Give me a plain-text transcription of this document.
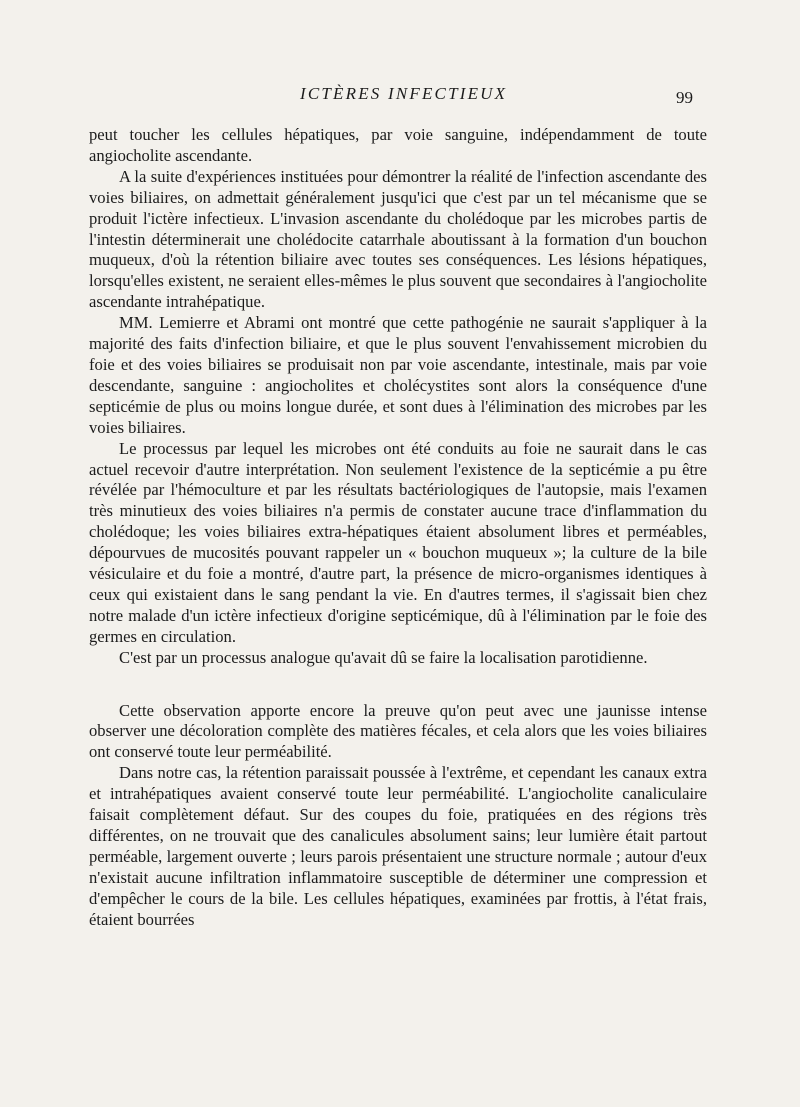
ICTÈRES INFECTIEUX	99

peut toucher les cellules hépatiques, par voie sanguine, indépendamment de toute angiocholite ascendante.

A la suite d'expériences instituées pour démontrer la réalité de l'infection ascendante des voies biliaires, on admettait généralement jusqu'ici que c'est par un tel mécanisme que se produit l'ictère infectieux. L'invasion ascendante du cholédoque par les microbes partis de l'intestin déterminerait une cholédocite catarrhale aboutissant à la formation d'un bouchon muqueux, d'où la rétention biliaire avec toutes ses conséquences. Les lésions hépatiques, lorsqu'elles existent, ne seraient elles-mêmes le plus souvent que secondaires à l'angiocholite ascendante intrahépatique.

MM. Lemierre et Abrami ont montré que cette pathogénie ne saurait s'appliquer à la majorité des faits d'infection biliaire, et que le plus souvent l'envahissement microbien du foie et des voies biliaires se produisait non par voie ascendante, intestinale, mais par voie descendante, sanguine : angiocholites et cholécystites sont alors la conséquence d'une septicémie de plus ou moins longue durée, et sont dues à l'élimination des microbes par les voies biliaires.

Le processus par lequel les microbes ont été conduits au foie ne saurait dans le cas actuel recevoir d'autre interprétation. Non seulement l'existence de la septicémie a pu être révélée par l'hémoculture et par les résultats bactériologiques de l'autopsie, mais l'examen très minutieux des voies biliaires n'a permis de constater aucune trace d'inflammation du cholédoque; les voies biliaires extra-hépatiques étaient absolument libres et perméables, dépourvues de mucosités pouvant rappeler un « bouchon muqueux »; la culture de la bile vésiculaire et du foie a montré, d'autre part, la présence de micro-organismes identiques à ceux qui existaient dans le sang pendant la vie. En d'autres termes, il s'agissait bien chez notre malade d'un ictère infectieux d'origine septicémique, dû à l'élimination par le foie des germes en circulation.

C'est par un processus analogue qu'avait dû se faire la localisation parotidienne.

Cette observation apporte encore la preuve qu'on peut avec une jaunisse intense observer une décoloration complète des matières fécales, et cela alors que les voies biliaires ont conservé toute leur perméabilité.

Dans notre cas, la rétention paraissait poussée à l'extrême, et cependant les canaux extra et intrahépatiques avaient conservé toute leur perméabilité. L'angiocholite canaliculaire faisait complètement défaut. Sur des coupes du foie, pratiquées en des régions très différentes, on ne trouvait que des canalicules absolument sains; leur lumière était partout perméable, largement ouverte ; leurs parois présentaient une structure normale ; autour d'eux n'existait aucune infiltration inflammatoire susceptible de déterminer une compression et d'empêcher le cours de la bile. Les cellules hépatiques, examinées par frottis, à l'état frais, étaient bourrées
